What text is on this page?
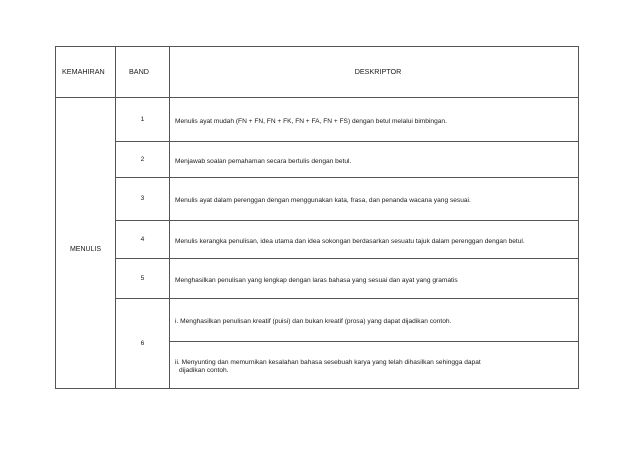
KEMAHIRAN	BAND	DESKRIPTOR
MENULIS	1	Menulis ayat mudah (FN + FN, FN + FK, FN + FA, FN + FS) dengan betul melalui bimbingan.
	2	Menjawab soalan pemahaman secara bertulis dengan betul.
	3	Menulis ayat dalam perenggan dengan menggunakan kata, frasa, dan penanda wacana yang sesuai.
	4	Menulis kerangka penulisan, idea utama dan idea sokongan berdasarkan sesuatu tajuk dalam perenggan dengan betul.
	5	Menghasilkan penulisan yang lengkap dengan laras bahasa yang sesuai dan ayat yang gramatis
	6	i. Menghasilkan penulisan kreatif (puisi) dan bukan kreatif (prosa) yang dapat dijadikan contoh.

		ii. Menyunting dan memurnikan kesalahan bahasa sesebuah karya yang telah dihasilkan sehingga dapat
dijadikan contoh.
